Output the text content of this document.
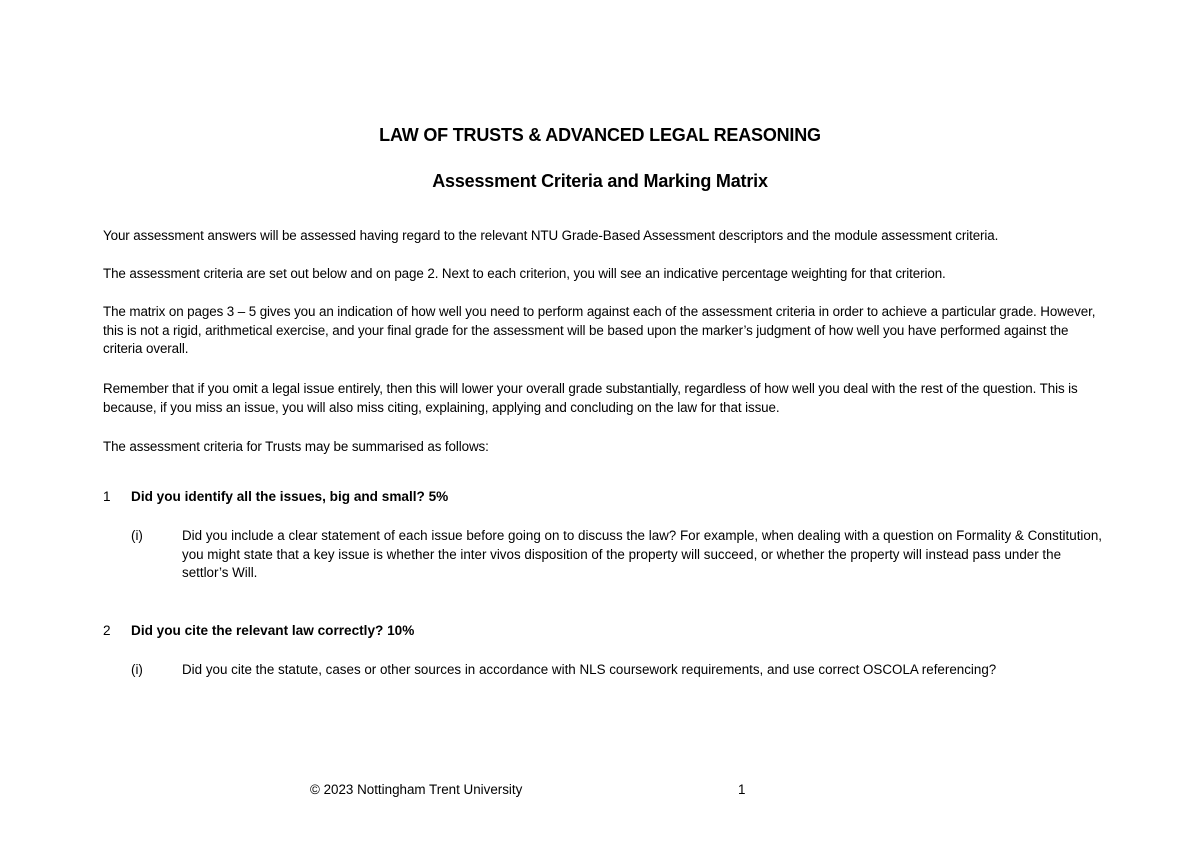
LAW OF TRUSTS & ADVANCED LEGAL REASONING
Assessment Criteria and Marking Matrix
Your assessment answers will be assessed having regard to the relevant NTU Grade-Based Assessment descriptors and the module assessment criteria.
The assessment criteria are set out below and on page 2. Next to each criterion, you will see an indicative percentage weighting for that criterion.
The matrix on pages 3 – 5 gives you an indication of how well you need to perform against each of the assessment criteria in order to achieve a particular grade. However, this is not a rigid, arithmetical exercise, and your final grade for the assessment will be based upon the marker’s judgment of how well you have performed against the criteria overall.
Remember that if you omit a legal issue entirely, then this will lower your overall grade substantially, regardless of how well you deal with the rest of the question. This is because, if you miss an issue, you will also miss citing, explaining, applying and concluding on the law for that issue.
The assessment criteria for Trusts may be summarised as follows:
1 Did you identify all the issues, big and small? 5%
(i)	Did you include a clear statement of each issue before going on to discuss the law? For example, when dealing with a question on Formality & Constitution, you might state that a key issue is whether the inter vivos disposition of the property will succeed, or whether the property will instead pass under the settlor’s Will.
2 Did you cite the relevant law correctly? 10%
(i)	Did you cite the statute, cases or other sources in accordance with NLS coursework requirements, and use correct OSCOLA referencing?
© 2023 Nottingham Trent University	1
